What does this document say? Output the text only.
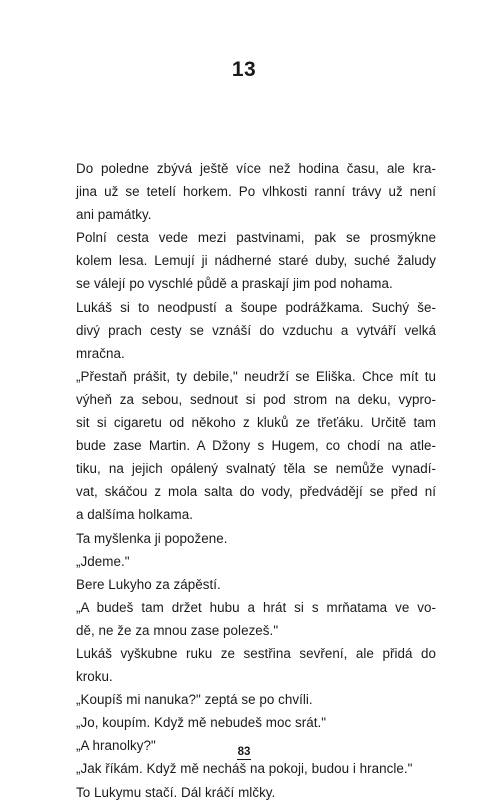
13
Do poledne zbývá ještě více než hodina času, ale kra-
jina už se tetelí horkem. Po vlhkosti ranní trávy už není
ani památky.
Polní cesta vede mezi pastvinami, pak se prosmýkne
kolem lesa. Lemují ji nádherné staré duby, suché žaludy
se válejí po vyschlé půdě a praskají jim pod nohama.
Lukáš si to neodpustí a šoupe podrážkama. Suchý še-
divý prach cesty se vznáší do vzduchu a vytváří velká
mračna.
„Přestaň prášit, ty debile," neudrží se Eliška. Chce mít tu
výheň za sebou, sednout si pod strom na deku, vypro-
sit si cigaretu od někoho z kluků ze třeťáku. Určitě tam
bude zase Martin. A Džony s Hugem, co chodí na atle-
tiku, na jejich opálený svalnatý těla se nemůže vynadí-
vat, skáčou z mola salta do vody, předvádějí se před ní
a dalšíma holkama.
Ta myšlenka ji popožene.
„Jdeme."
Bere Lukyho za zápěstí.
„A budeš tam držet hubu a hrát si s mrňatama ve vo-
dě, ne že za mnou zase polezeš."
Lukáš vyškubne ruku ze sestřina sevření, ale přidá do
kroku.
„Koupíš mi nanuka?" zeptá se po chvíli.
„Jo, koupím. Když mě nebudeš moc srát."
„A hranolky?"
„Jak říkám. Když mě necháš na pokoji, budou i hrancle."
To Lukymu stačí. Dál kráčí mlčky.
83
